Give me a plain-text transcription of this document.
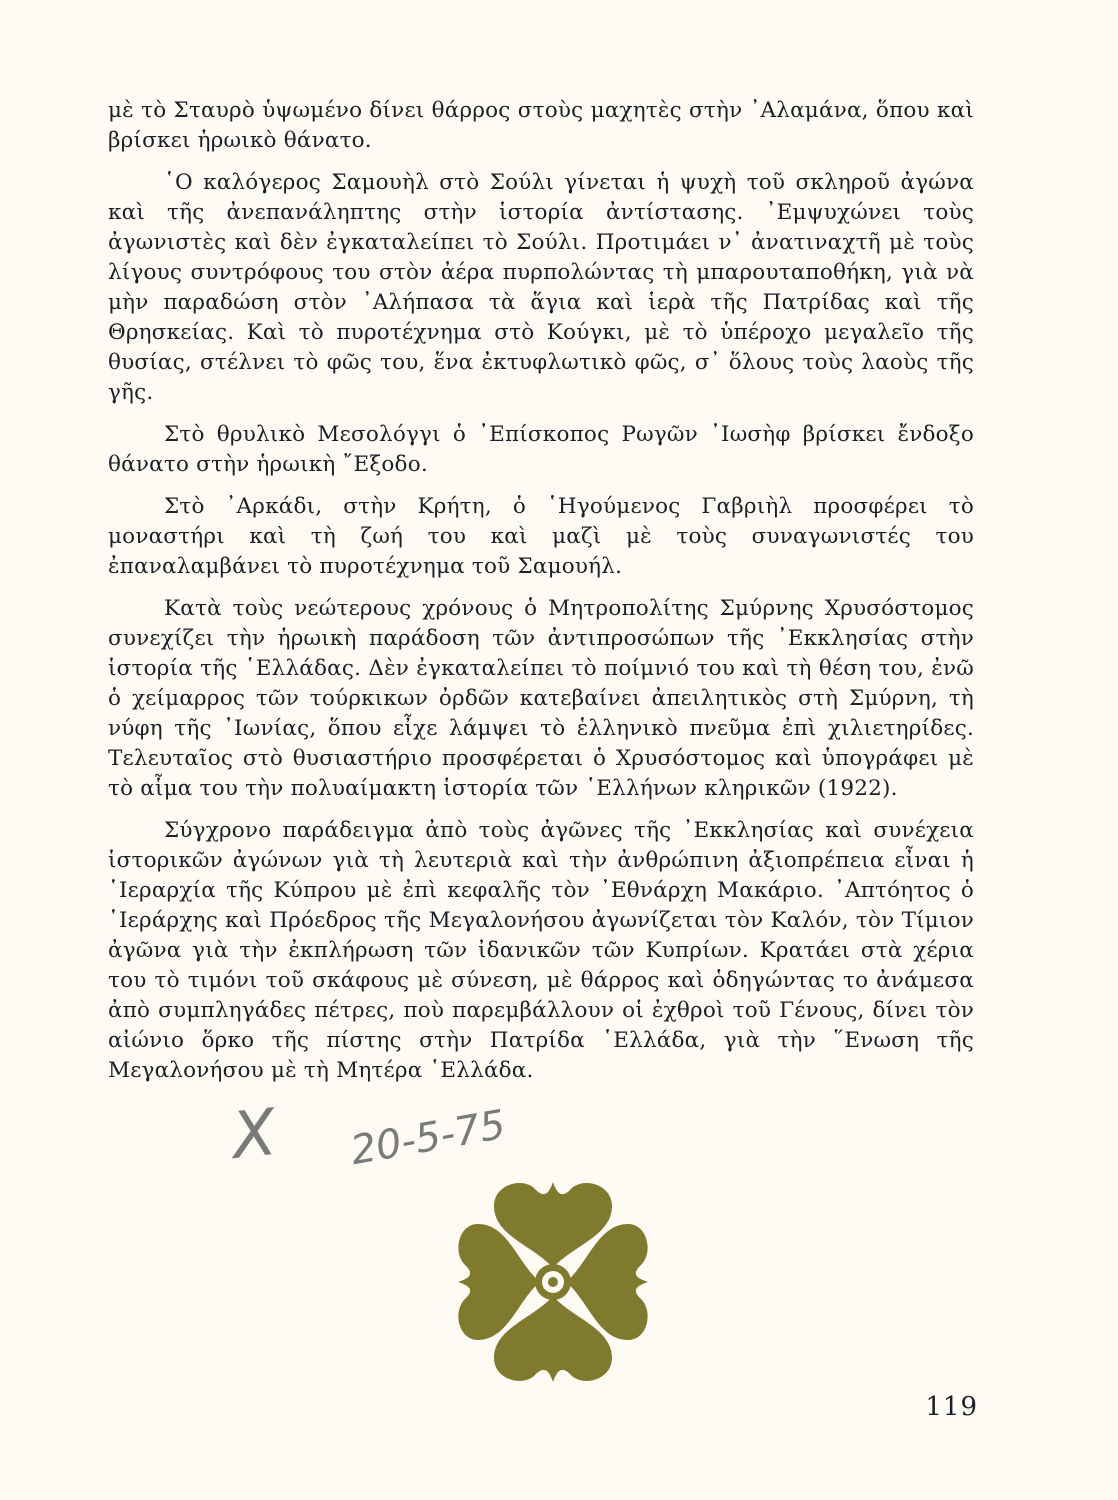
μὲ τὸ Σταυρὸ ὑψωμένο δίνει θάρρος στοὺς μαχητὲς στὴν ᾿Αλαμάνα, ὅπου καὶ βρίσκει ἡρωικὸ θάνατο.

῾Ο καλόγερος Σαμουὴλ στὸ Σούλι γίνεται ἡ ψυχὴ τοῦ σκληροῦ ἀγώνα καὶ τῆς ἀνεπανάληπτης στὴν ἱστορία ἀντίστασης. ᾿Εμψυχώνει τοὺς ἀγωνιστὲς καὶ δὲν ἐγκαταλείπει τὸ Σούλι. Προτιμάει ν᾿ ἀνατιναχτῆ μὲ τοὺς λίγους συντρόφους του στὸν ἀέρα πυρπολώντας τὴ μπαρουταποθήκη, γιὰ νὰ μὴν παραδώση στὸν ᾿Αλήπασα τὰ ἅγια καὶ ἱερὰ τῆς Πατρίδας καὶ τῆς Θρησκείας. Καὶ τὸ πυροτέχνημα στὸ Κούγκι, μὲ τὸ ὑπέροχο μεγαλεῖο τῆς θυσίας, στέλνει τὸ φῶς του, ἕνα ἐκτυφλωτικὸ φῶς, σ᾿ ὅλους τοὺς λαοὺς τῆς γῆς.

Στὸ θρυλικὸ Μεσολόγγι ὁ ᾿Επίσκοπος Ρωγῶν ᾿Ιωσὴφ βρίσκει ἔνδοξο θάνατο στὴν ἡρωικὴ ῎Εξοδο.

Στὸ ᾿Αρκάδι, στὴν Κρήτη, ὁ ῾Ηγούμενος Γαβριὴλ προσφέρει τὸ μοναστήρι καὶ τὴ ζωή του καὶ μαζὶ μὲ τοὺς συναγωνιστές του ἐπαναλαμβάνει τὸ πυροτέχνημα τοῦ Σαμουήλ.

Κατὰ τοὺς νεώτερους χρόνους ὁ Μητροπολίτης Σμύρνης Χρυσόστομος συνεχίζει τὴν ἡρωικὴ παράδοση τῶν ἀντιπροσώπων τῆς ᾿Εκκλησίας στὴν ἱστορία τῆς ῾Ελλάδας. Δὲν ἐγκαταλείπει τὸ ποίμνιό του καὶ τὴ θέση του, ἐνῶ ὁ χείμαρρος τῶν τούρκικων ὀρδῶν κατεβαίνει ἀπειλητικὸς στὴ Σμύρνη, τὴ νύφη τῆς ᾿Ιωνίας, ὅπου εἶχε λάμψει τὸ ἑλληνικὸ πνεῦμα ἐπὶ χιλιετηρίδες. Τελευταῖος στὸ θυσιαστήριο προσφέρεται ὁ Χρυσόστομος καὶ ὑπογράφει μὲ τὸ αἷμα του τὴν πολυαίμακτη ἱστορία τῶν ῾Ελλήνων κληρικῶν (1922).

Σύγχρονο παράδειγμα ἀπὸ τοὺς ἀγῶνες τῆς ᾿Εκκλησίας καὶ συνέχεια ἱστορικῶν ἀγώνων γιὰ τὴ λευτεριὰ καὶ τὴν ἀνθρώπινη ἀξιοπρέπεια εἶναι ἡ ῾Ιεραρχία τῆς Κύπρου μὲ ἐπὶ κεφαλῆς τὸν ᾿Εθνάρχη Μακάριο. ᾿Απτόητος ὁ ῾Ιεράρχης καὶ Πρόεδρος τῆς Μεγαλονήσου ἀγωνίζεται τὸν Καλόν, τὸν Τίμιον ἀγῶνα γιὰ τὴν ἐκπλήρωση τῶν ἰδανικῶν τῶν Κυπρίων. Κρατάει στὰ χέρια του τὸ τιμόνι τοῦ σκάφους μὲ σύνεση, μὲ θάρρος καὶ ὁδηγώντας το ἀνάμεσα ἀπὸ συμπληγάδες πέτρες, ποὺ παρεμβάλλουν οἱ ἐχθροὶ τοῦ Γένους, δίνει τὸν αἰώνιο ὅρκο τῆς πίστης στὴν Πατρίδα ῾Ελλάδα, γιὰ τὴν ῞Ενωση τῆς Μεγαλονήσου μὲ τὴ Μητέρα ῾Ελλάδα.

X 20-5-75
119
